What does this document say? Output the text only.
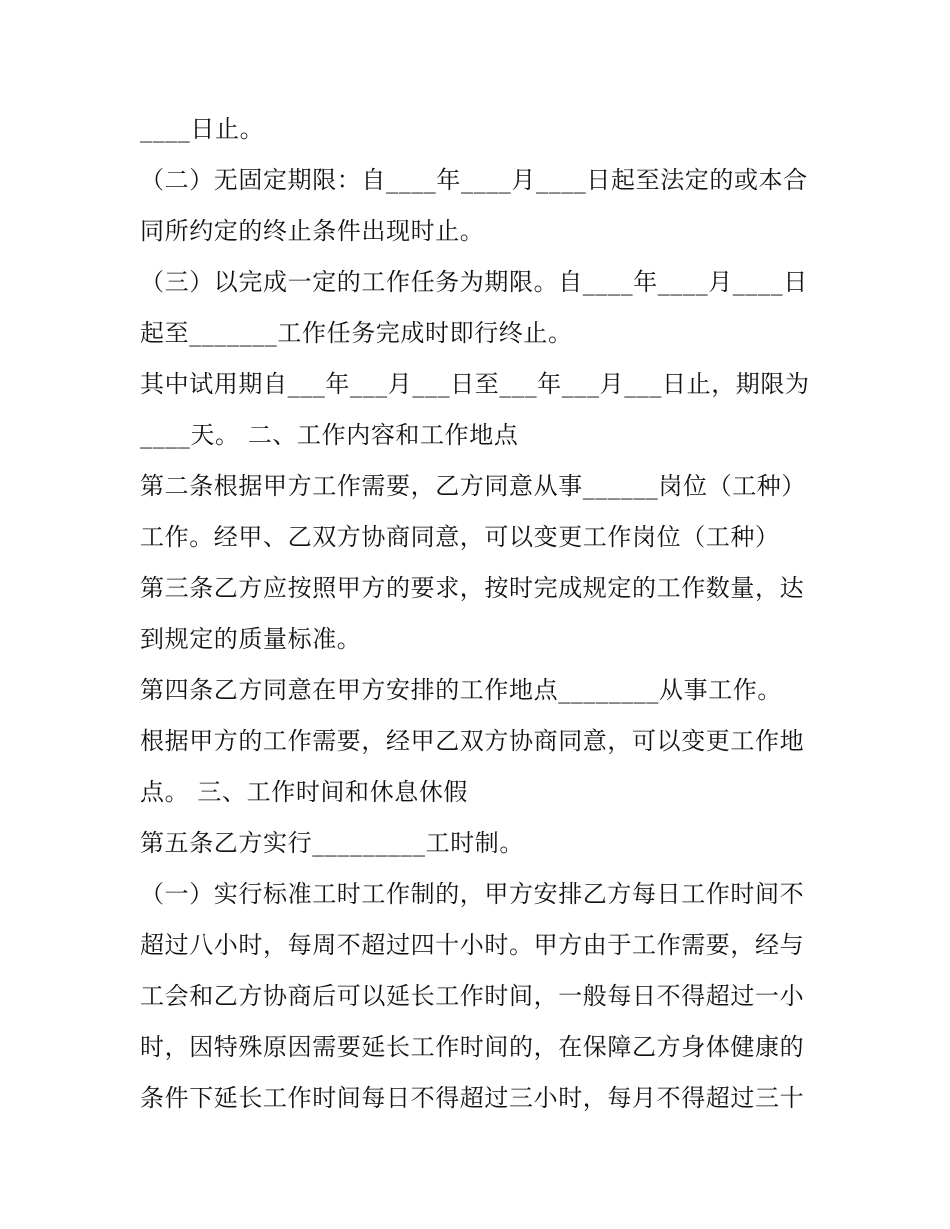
____日止。
（二）无固定期限：自____年____月____日起至法定的或本合
同所约定的终止条件出现时止。
（三）以完成一定的工作任务为期限。自____年____月____日
起至_______工作任务完成时即行终止。
其中试用期自___年___月___日至___年___月___日止，期限为
____天。 二、工作内容和工作地点
第二条根据甲方工作需要，乙方同意从事______岗位（工种）
工作。经甲、乙双方协商同意，可以变更工作岗位（工种）
第三条乙方应按照甲方的要求，按时完成规定的工作数量，达
到规定的质量标准。
第四条乙方同意在甲方安排的工作地点________从事工作。
根据甲方的工作需要，经甲乙双方协商同意，可以变更工作地
点。 三、工作时间和休息休假
第五条乙方实行_________工时制。
（一）实行标准工时工作制的，甲方安排乙方每日工作时间不
超过八小时，每周不超过四十小时。甲方由于工作需要，经与
工会和乙方协商后可以延长工作时间，一般每日不得超过一小
时，因特殊原因需要延长工作时间的，在保障乙方身体健康的
条件下延长工作时间每日不得超过三小时，每月不得超过三十
